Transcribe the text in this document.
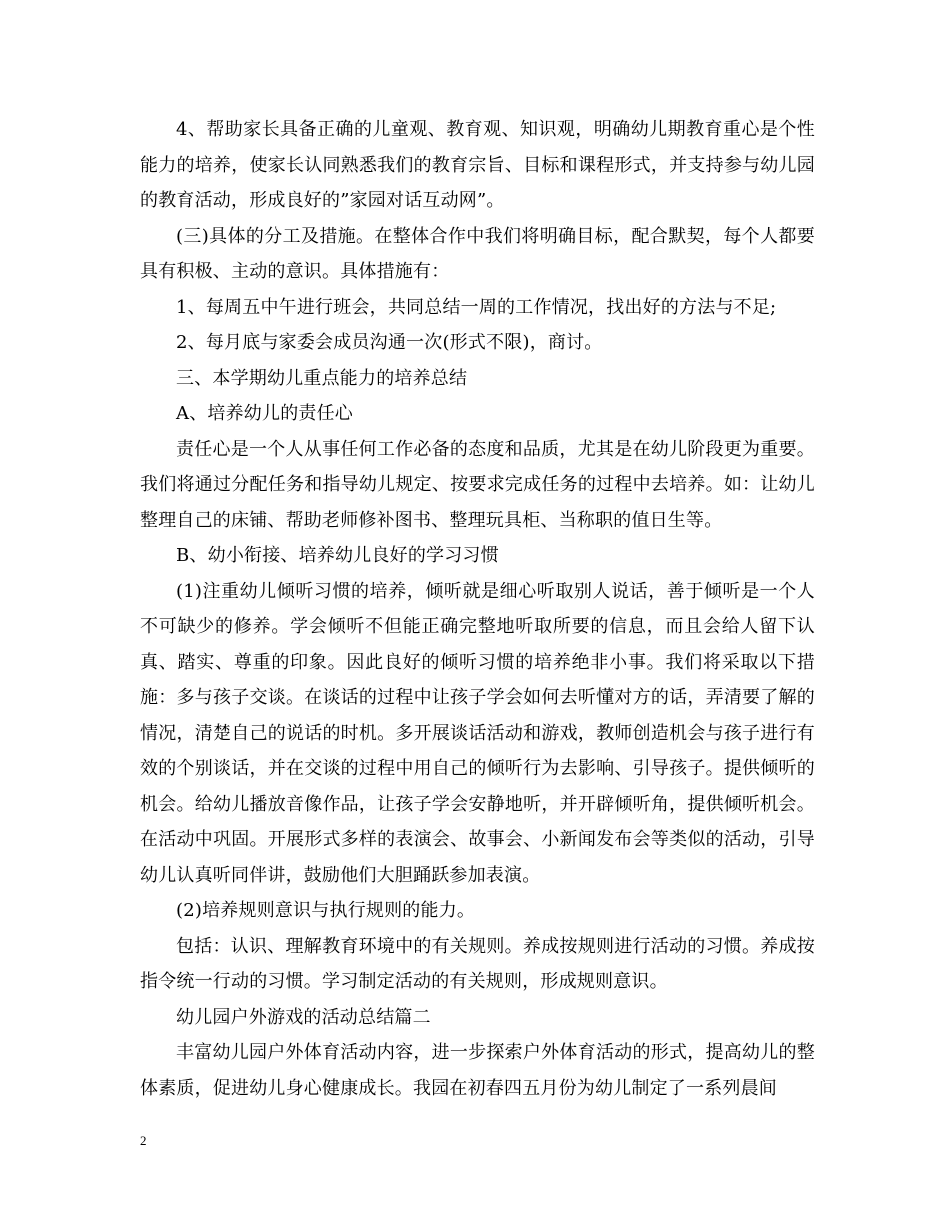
4、帮助家长具备正确的儿童观、教育观、知识观，明确幼儿期教育重心是个性能力的培养，使家长认同熟悉我们的教育宗旨、目标和课程形式，并支持参与幼儿园的教育活动，形成良好的”家园对话互动网”。

(三)具体的分工及措施。在整体合作中我们将明确目标，配合默契，每个人都要具有积极、主动的意识。具体措施有：

1、每周五中午进行班会，共同总结一周的工作情况，找出好的方法与不足;

2、每月底与家委会成员沟通一次(形式不限)，商讨。

三、本学期幼儿重点能力的培养总结

A、培养幼儿的责任心

责任心是一个人从事任何工作必备的态度和品质，尤其是在幼儿阶段更为重要。我们将通过分配任务和指导幼儿规定、按要求完成任务的过程中去培养。如：让幼儿整理自己的床铺、帮助老师修补图书、整理玩具柜、当称职的值日生等。

B、幼小衔接、培养幼儿良好的学习习惯

(1)注重幼儿倾听习惯的培养，倾听就是细心听取别人说话，善于倾听是一个人不可缺少的修养。学会倾听不但能正确完整地听取所要的信息，而且会给人留下认真、踏实、尊重的印象。因此良好的倾听习惯的培养绝非小事。我们将采取以下措施：多与孩子交谈。在谈话的过程中让孩子学会如何去听懂对方的话，弄清要了解的情况，清楚自己的说话的时机。多开展谈话活动和游戏，教师创造机会与孩子进行有效的个别谈话，并在交谈的过程中用自己的倾听行为去影响、引导孩子。提供倾听的机会。给幼儿播放音像作品，让孩子学会安静地听，并开辟倾听角，提供倾听机会。在活动中巩固。开展形式多样的表演会、故事会、小新闻发布会等类似的活动，引导幼儿认真听同伴讲，鼓励他们大胆踊跃参加表演。

(2)培养规则意识与执行规则的能力。

包括：认识、理解教育环境中的有关规则。养成按规则进行活动的习惯。养成按指令统一行动的习惯。学习制定活动的有关规则，形成规则意识。

幼儿园户外游戏的活动总结篇二

丰富幼儿园户外体育活动内容，进一步探索户外体育活动的形式，提高幼儿的整体素质，促进幼儿身心健康成长。我园在初春四五月份为幼儿制定了一系列晨间

2
